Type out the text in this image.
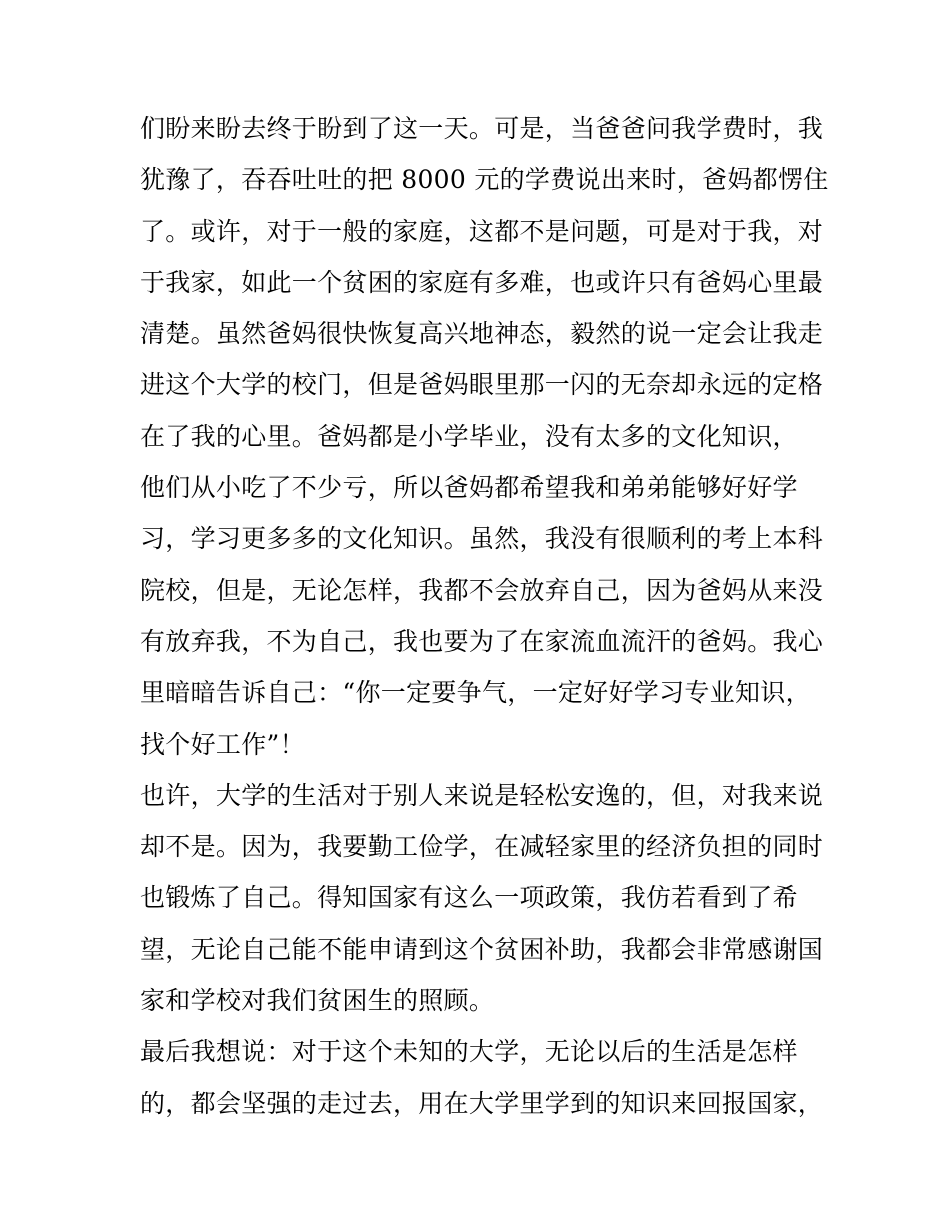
们盼来盼去终于盼到了这一天。可是，当爸爸问我学费时，我
犹豫了，吞吞吐吐的把 8000 元的学费说出来时，爸妈都愣住
了。或许，对于一般的家庭，这都不是问题，可是对于我，对
于我家，如此一个贫困的家庭有多难，也或许只有爸妈心里最
清楚。虽然爸妈很快恢复高兴地神态，毅然的说一定会让我走
进这个大学的校门，但是爸妈眼里那一闪的无奈却永远的定格
在了我的心里。爸妈都是小学毕业，没有太多的文化知识，
他们从小吃了不少亏，所以爸妈都希望我和弟弟能够好好学
习，学习更多多的文化知识。虽然，我没有很顺利的考上本科
院校，但是，无论怎样，我都不会放弃自己，因为爸妈从来没
有放弃我，不为自己，我也要为了在家流血流汗的爸妈。我心
里暗暗告诉自己：“你一定要争气，一定好好学习专业知识，
找个好工作”！
也许，大学的生活对于别人来说是轻松安逸的，但，对我来说
却不是。因为，我要勤工俭学，在减轻家里的经济负担的同时
也锻炼了自己。得知国家有这么一项政策，我仿若看到了希
望，无论自己能不能申请到这个贫困补助，我都会非常感谢国
家和学校对我们贫困生的照顾。
最后我想说：对于这个未知的大学，无论以后的生活是怎样
的，都会坚强的走过去，用在大学里学到的知识来回报国家，
